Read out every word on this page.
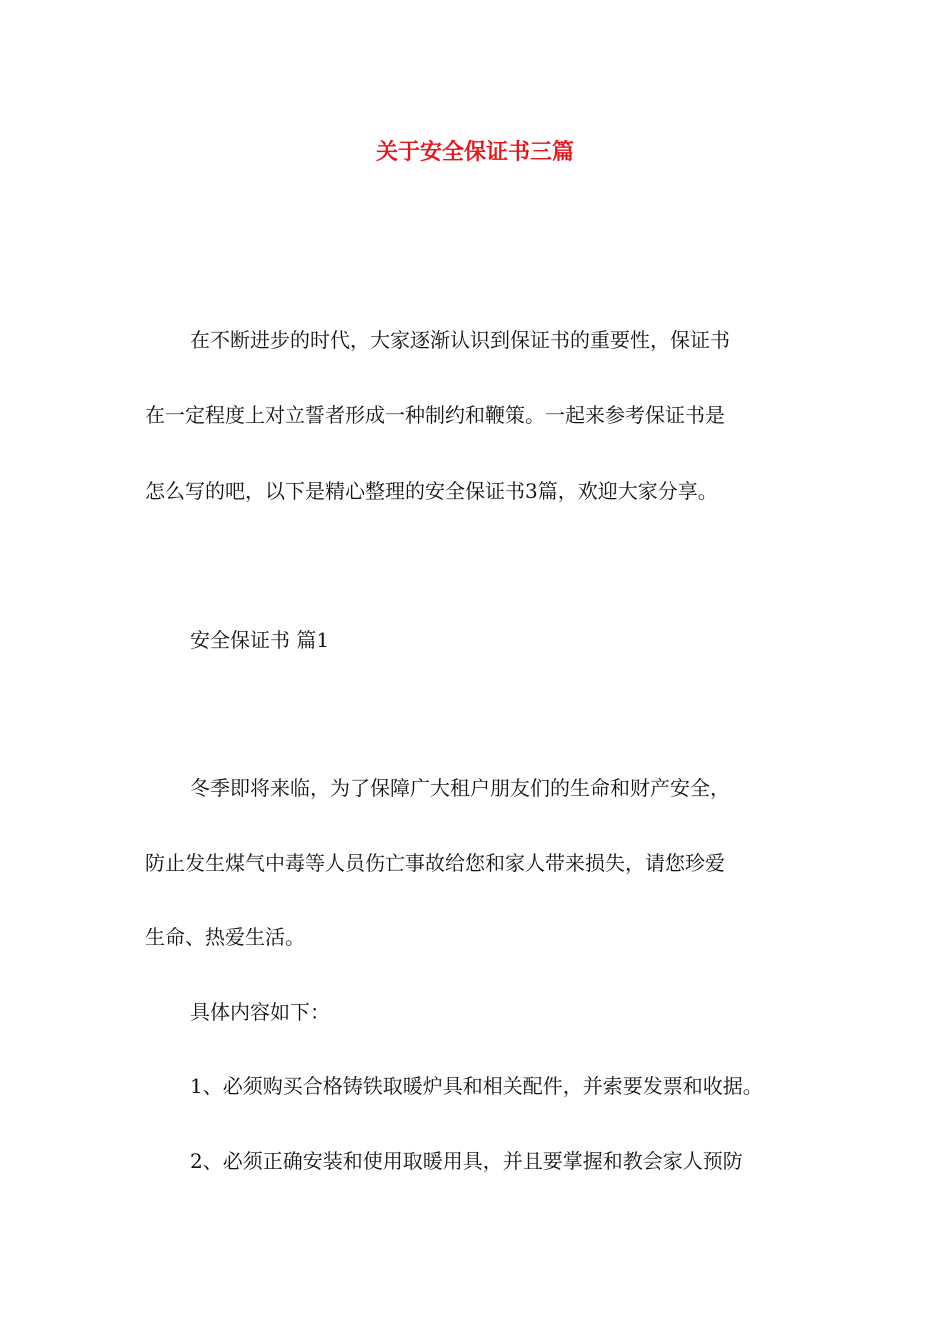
关于安全保证书三篇
在不断进步的时代，大家逐渐认识到保证书的重要性，保证书
在一定程度上对立誓者形成一种制约和鞭策。一起来参考保证书是
怎么写的吧，以下是精心整理的安全保证书3篇，欢迎大家分享。
安全保证书 篇1
冬季即将来临，为了保障广大租户朋友们的生命和财产安全，
防止发生煤气中毒等人员伤亡事故给您和家人带来损失，请您珍爱
生命、热爱生活。
具体内容如下：
1、必须购买合格铸铁取暖炉具和相关配件，并索要发票和收据。
2、必须正确安装和使用取暖用具，并且要掌握和教会家人预防
